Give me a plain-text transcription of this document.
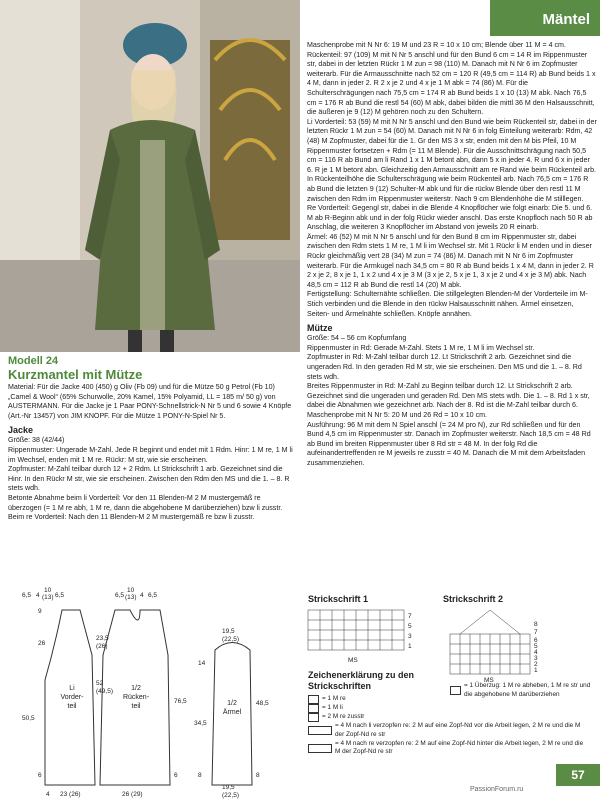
Mäntel

Modell 24

Kurzmantel mit Mütze

Material: Für die Jacke 400 (450) g Oliv (Fb 09) und für die Mütze 50 g Petrol (Fb 10) „Camel & Wool“ (65% Schurwolle, 20% Kamel, 15% Polyamid, LL = 185 m/ 50 g) von AUSTERMANN. Für die Jacke je 1 Paar PONY-Schnellstrick-N Nr 5 und 6 sowie 4 Knöpfe (Art.-Nr 13457) von JIM KNOPF. Für die Mütze 1 PONY-N-Spiel Nr 5.

Jacke

Größe: 38 (42/44)

Rippenmuster: Ungerade M-Zahl. Jede R beginnt und endet mit 1 Rdm. Hinr: 1 M re, 1 M li im Wechsel, enden mit 1 M re. Rückr: M str, wie sie erscheinen.

Zopfmuster: M-Zahl teilbar durch 12 + 2 Rdm. Lt Strickschrift 1 arb. Gezeichnet sind die Hinr. In den Rückr M str, wie sie erscheinen. Zwischen den Rdm den MS und die 1. – 8. R stets wdh.

Betonte Abnahme beim li Vorderteil: Vor den 11 Blenden-M 2 M mustergemäß re überzogen (= 1 M re abh, 1 M re, dann die abgehobene M darüberziehen) bzw li zusstr. Beim re Vorderteil: Nach den 11 Blenden-M 2 M mustergemäß re bzw li zusstr.

Maschenprobe mit N Nr 6: 19 M und 23 R = 10 x 10 cm; Blende über 11 M = 4 cm.

Rückenteil: 97 (109) M mit N Nr 5 anschl und für den Bund 6 cm = 14 R im Rippenmuster str, dabei in der letzten Rückr 1 M zun = 98 (110) M. Danach mit N Nr 6 im Zopfmuster weiterarb. Für die Armausschnitte nach 52 cm = 120 R (49,5 cm = 114 R) ab Bund beids 1 x 4 M, dann in jeder 2. R 2 x je 2 und 4 x je 1 M abk = 74 (86) M. Für die Schulterschrägungen nach 75,5 cm = 174 R ab Bund beids 1 x 10 (13) M abk. Nach 76,5 cm = 176 R ab Bund die restl 54 (60) M abk, dabei bilden die mittl 36 M den Halsausschnitt, die äußeren je 9 (12) M gehören noch zu den Schultern.

Li Vorderteil: 53 (59) M mit N Nr 5 anschl und den Bund wie beim Rückenteil str, dabei in der letzten Rückr 1 M zun = 54 (60) M. Danach mit N Nr 6 in folg Einteilung weiterarb: Rdm, 42 (48) M Zopfmuster, dabei für die 1. Gr den MS 3 x str, enden mit den M bis Pfeil, 10 M Rippenmuster fortsetzen + Rdm (= 11 M Blende). Für die Ausschnittschrägung nach 50,5 cm = 116 R ab Bund am li Rand 1 x 1 M betont abn, dann 5 x in jeder 4. R und 6 x in jeder 6. R je 1 M betont abn. Gleichzeitig den Armausschnitt am re Rand wie beim Rückenteil arb. In Rückenteilhöhe die Schulterschrägung wie beim Rückenteil arb. Nach 76,5 cm = 176 R ab Bund die letzten 9 (12) Schulter-M abk und für die rückw Blende über den restl 11 M zwischen den Rdm im Rippenmuster weiterstr. Nach 9 cm Blendenhöhe die M stilllegen.

Re Vorderteil: Gegengl str, dabei in die Blende 4 Knopflöcher wie folgt einarb: Die 5. und 6. M ab R-Beginn abk und in der folg Rückr wieder anschl. Das erste Knopfloch nach 50 R ab Anschlag, die weiteren 3 Knopflöcher im Abstand von jeweils 20 R einarb.

Ärmel: 46 (52) M mit N Nr 5 anschl und für den Bund 8 cm im Rippenmuster str, dabei zwischen den Rdm stets 1 M re, 1 M li im Wechsel str. Mit 1 Rückr li M enden und in dieser Rückr gleichmäßig vert 28 (34) M zun = 74 (86) M. Danach mit N Nr 6 im Zopfmuster weiterarb. Für die Armkugel nach 34,5 cm = 80 R ab Bund beids 1 x 4 M, dann in jeder 2. R 2 x je 2, 8 x je 1, 1 x 2 und 4 x je 3 M (3 x je 2, 5 x je 1, 3 x je 2 und 4 x je 3 M) abk. Nach 48,5 cm = 112 R ab Bund die restl 14 (20) M abk.

Fertigstellung: Schulternähte schließen. Die stillgelegten Blenden-M der Vorderteile im M-Stich verbinden und die Blende in den rückw Halsausschnitt nähen. Ärmel einsetzen, Seiten- und Ärmelnähte schließen. Knöpfe annähen.

Mütze

Größe: 54 – 56 cm Kopfumfang

Rippenmuster in Rd: Gerade M-Zahl. Stets 1 M re, 1 M li im Wechsel str.

Zopfmuster in Rd: M-Zahl teilbar durch 12. Lt Strickschrift 2 arb. Gezeichnet sind die ungeraden Rd. In den geraden Rd M str, wie sie erscheinen. Den MS und die 1. – 8. Rd stets wdh.

Breites Rippenmuster in Rd: M-Zahl zu Beginn teilbar durch 12. Lt Strickschrift 2 arb. Gezeichnet sind die ungeraden und geraden Rd. Den MS stets wdh. Die 1. – 8. Rd 1 x str, dabei die Abnahmen wie gezeichnet arb. Nach der 8. Rd ist die M-Zahl teilbar durch 6.

Maschenprobe mit N Nr 5: 20 M und 26 Rd = 10 x 10 cm.

Ausführung: 96 M mit dem N Spiel anschl (= 24 M pro N), zur Rd schließen und für den Bund 4,5 cm im Rippenmuster str. Danach im Zopfmuster weiterstr. Nach 18,5 cm = 48 Rd ab Bund im breiten Rippenmuster über 8 Rd str = 48 M. In der folg Rd die aufeinandertreffenden re M jeweils re zusstr = 40 M. Danach die M mit dem Arbeitsfaden zusammenziehen.

6,5 4
10
(13) 6,5	6,5
10
(13) 4 6,5
9
26
23,5
(26)
52
(49,5)
50,5
76,5
6	6
4 23 (26)	26 (29)
19,5
(22,5)
14
34,5
48,5
8	8
19,5
(22,5)
Li
Vorder-
teil
1/2
Rücken-
teil	1/2
Ärmel
Strickschrift 1	Strickschrift 2
7
5
3
1
MS
8
7
6
5
4
3
2
1
MS
Zeichenerklärung zu den Strickschriften
= 1 M re
= 1 M li
= 2 M re zusstr
= 4 M nach li verzopfen re: 2 M auf eine Zopf-Nd vor die Arbeit legen, 2 M re und die M der Zopf-Nd re str
= 4 M nach re verzopfen re: 2 M auf eine Zopf-Nd hinter die Arbeit legen, 2 M re und die M der Zopf-Nd re str
= 1 Überzug: 1 M re abheben, 1 M re str und die abgehobene M darüberziehen
57
PassionForum.ru
